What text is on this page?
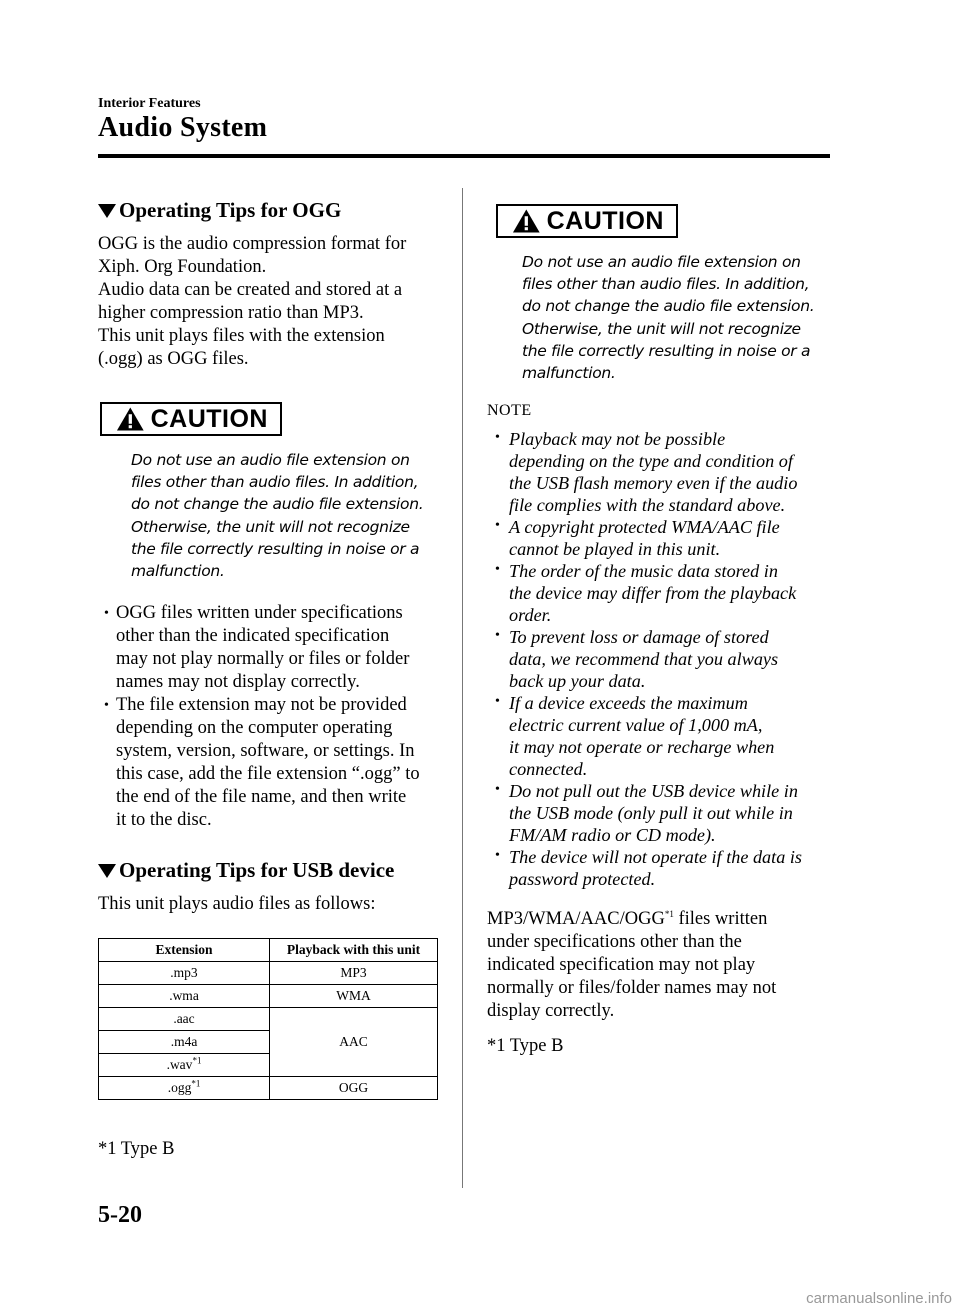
Interior Features
Audio System
Operating Tips for OGG

OGG is the audio compression format for

Xiph. Org Foundation.

Audio data can be created and stored at a

higher compression ratio than MP3.

This unit plays files with the extension

(.ogg) as OGG files.

CAUTION

Do not use an audio file extension on

files other than audio files. In addition,

do not change the audio file extension.

Otherwise, the unit will not recognize

the file correctly resulting in noise or a

malfunction.

• OGG files written under specifications
other than the indicated specification
may not play normally or files or folder
names may not display correctly.
• The file extension may not be provided
depending on the computer operating
system, version, software, or settings. In
this case, add the file extension “.ogg” to
the end of the file name, and then write
it to the disc.
Operating Tips for USB device
This unit plays audio files as follows:
Extension	Playback with this unit
.mp3	MP3
.wma	WMA
.aac	AAC
.m4a	
.wav$^{*1}$
.ogg$^{*1}$	OGG
*1 Type B
CAUTION

Do not use an audio file extension on

files other than audio files. In addition,

do not change the audio file extension.

Otherwise, the unit will not recognize

the file correctly resulting in noise or a

malfunction.

NOTE
• Playback may not be possible
depending on the type and condition of
the USB flash memory even if the audio
file complies with the standard above.
• A copyright protected WMA/AAC file
cannot be played in this unit.
• The order of the music data stored in
the device may differ from the playback
order.
• To prevent loss or damage of stored
data, we recommend that you always
back up your data.
• If a device exceeds the maximum
electric current value of 1,000 mA,
it may not operate or recharge when
connected.
• Do not pull out the USB device while in
the USB mode (only pull it out while in
FM/AM radio or CD mode).
• The device will not operate if the data is
password protected.

MP3/WMA/AAC/OGG$^{*1}$ files written

under specifications other than the

indicated specification may not play

normally or files/folder names may not

display correctly.

*1 Type B
5-20
carmanualsonline.info
